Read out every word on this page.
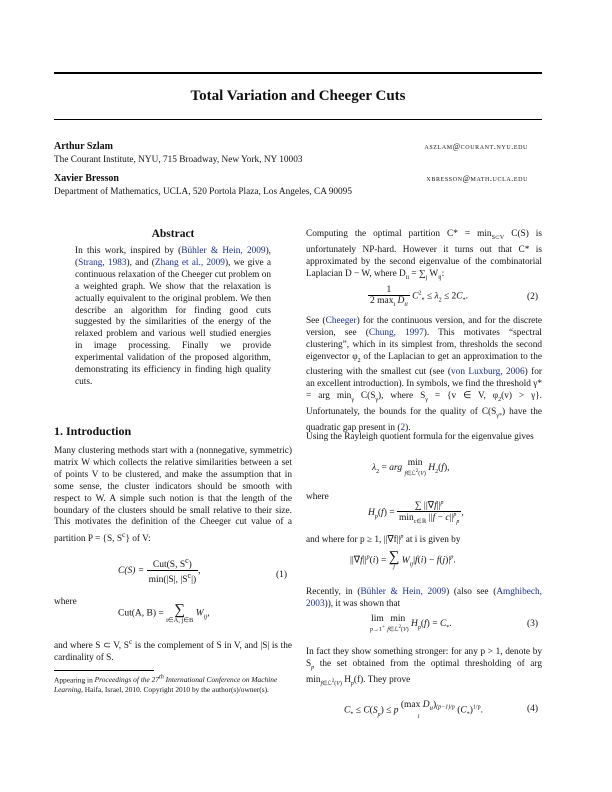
Total Variation and Cheeger Cuts
Arthur Szlam	aszlam@courant.nyu.edu
The Courant Institute, NYU, 715 Broadway, New York, NY 10003
Xavier Bresson	xbresson@math.ucla.edu
Department of Mathematics, UCLA, 520 Portola Plaza, Los Angeles, CA 90095
Abstract

In this work, inspired by (Bühler & Hein, 2009), (Strang, 1983), and (Zhang et al., 2009), we give a continuous relaxation of the Cheeger cut problem on a weighted graph. We show that the relaxation is actually equivalent to the original problem. We then describe an algorithm for finding good cuts suggested by the similarities of the energy of the relaxed problem and various well studied energies in image processing. Finally we provide experimental validation of the proposed algorithm, demonstrating its efficiency in finding high quality cuts.

1. Introduction

Many clustering methods start with a (nonnegative, symmetric) matrix W which collects the relative similarities between a set of points V to be clustered, and make the assumption that in some sense, the cluster indicators should be smooth with respect to W. A simple such notion is that the length of the boundary of the clusters should be small relative to their size. This motivates the definition of the Cheeger cut value of a partition P = {S, $S^c$} of V:

$C(S) = \frac{Cut(S, S^c)}{\min(|S|, |S^c|)}$ ,	(1)
where
Cut(A, B) = ∑
i∈A, j∈B
$W_{ij}$,

and where S ⊂ V, $S^c$ is the complement of S in V, and |S| is the cardinality of S.

Appearing in Proceedings of the 27th International Conference on Machine Learning, Haifa, Israel, 2010. Copyright 2010 by the author(s)/owner(s).

Computing the optimal partition $C* = \min_{S\subset V} C(S)$ is unfortunately NP-hard. However it turns out that C* is approximated by the second eigenvalue of the combinatorial Laplacian D − W, where $D_{ii} = \sum_j$ $W_{ij}$:

$\frac{1}{2 \max_i D_{ii}} C^2_* \le \lambda_2 \le 2C_*$.	(2)

See (Cheeger) for the continuous version, and for the discrete version, see (Chung, 1997). This motivates “spectral clustering”, which in its simplest from, thresholds the second eigenvector $\varphi_2$ of the Laplacian to get an approximation to the clustering with the smallest cut (see (von Luxburg, 2006) for an excellent introduction). In symbols, we find the threshold γ* = arg $\min_\gamma C(S_\gamma)$, where $S_\gamma = \{v$ ∈ V, $\varphi_2(v) > \gamma$}. Unfortunately, the bounds for the quality of $C(S_{\gamma*})$ have the quadratic gap present in (2).

Using the Rayleigh quotient formula for the eigenvalue gives

$\lambda_2$ = arg
min
f∈ℒ$^2$(V)
$H_2(f)$,
where
$H_p(f) = \frac{\sum ||\nabla f||^p}{\min_{c\in ℝ} ||f - c||^p_p}$ ,

and where for p ≥ 1, $||\nabla f||^p$ at i is given by

$||\nabla f||^p(i)$ = ∑
j
$W_{ij}|f(i) - f(j)|^p$.

Recently, in (Bühler & Hein, 2009) (also see (Amghibech, 2003)), it was shown that

lim
p→1+

min
f∈ℒ$^2$(V)
$H_p(f) = C_*$.	(3)

In fact they show something stronger: for any p > 1, denote by $S_p$ the set obtained from the optimal thresholding of arg $\min_{f\in ℒ^2(V)} H_p(f)$. They prove

$C_* \le C(S_p) \le p$
(max $D_{ii}$)
i
$^{(p-1)/p}$ $(C_*)^{1/p}$.	(4)
